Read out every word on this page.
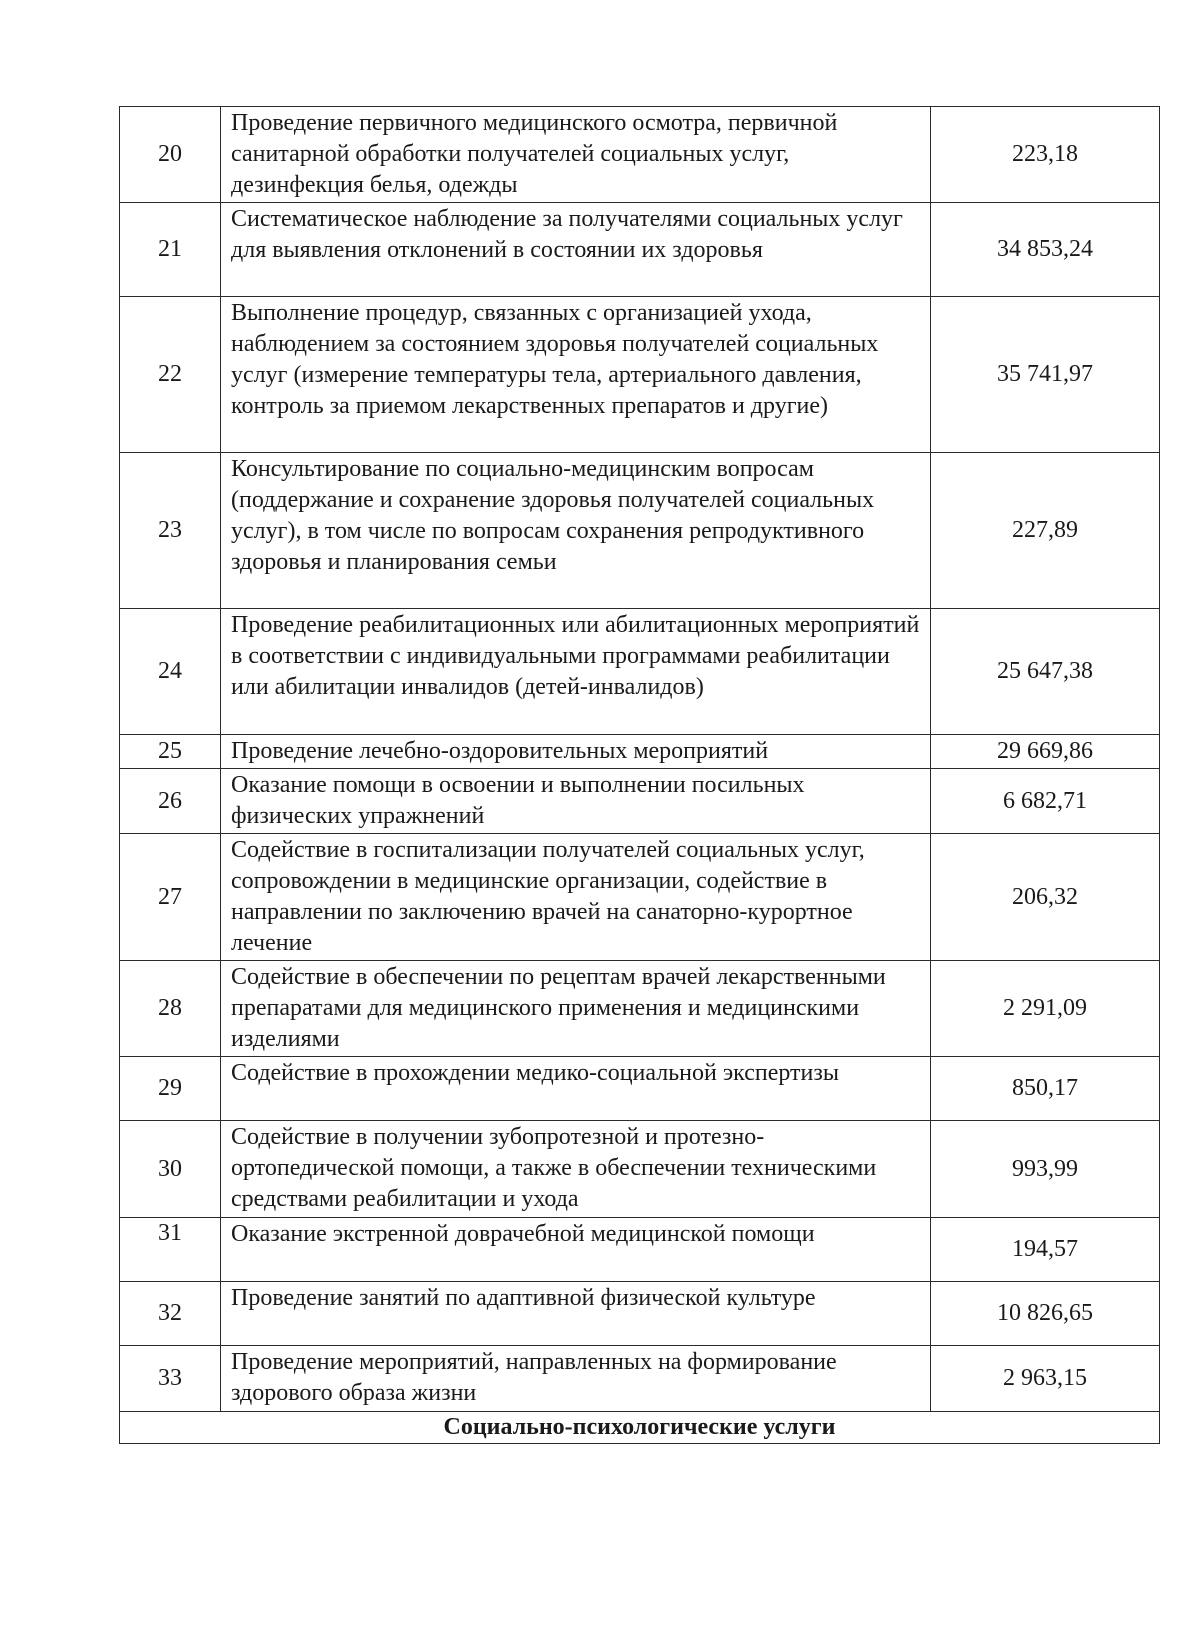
20	Проведение первичного медицинского осмотра, первичной санитарной обработки получателей социальных услуг, дезинфекция белья, одежды	223,18
21	Систематическое наблюдение за получателями социальных услуг для выявления отклонений в состоянии их здоровья	34 853,24
22	Выполнение процедур, связанных с организацией ухода, наблюдением за состоянием здоровья получателей социальных услуг (измерение температуры тела, артериального давления, контроль за приемом лекарственных препаратов и другие)	35 741,97
23	Консультирование по социально-медицинским вопросам (поддержание и сохранение здоровья получателей социальных услуг), в том числе по вопросам сохранения репродуктивного здоровья и планирования семьи	227,89
24	Проведение реабилитационных или абилитационных мероприятий в соответствии с индивидуальными программами реабилитации или абилитации инвалидов (детей-инвалидов)	25 647,38
25	Проведение лечебно-оздоровительных мероприятий	29 669,86
26	Оказание помощи в освоении и выполнении посильных физических упражнений	6 682,71
27	Содействие в госпитализации получателей социальных услуг, сопровождении в медицинские организации, содействие в направлении по заключению врачей на санаторно-курортное лечение	206,32
28	Содействие в обеспечении по рецептам врачей лекарственными препаратами для медицинского применения и медицинскими изделиями	2 291,09
29	Содействие в прохождении медико-социальной экспертизы	850,17
30	Содействие в получении зубопротезной и протезно-ортопедической помощи, а также в обеспечении техническими средствами реабилитации и ухода	993,99
31	Оказание экстренной доврачебной медицинской помощи	194,57
32	Проведение занятий по адаптивной физической культуре	10 826,65
33	Проведение мероприятий, направленных на формирование здорового образа жизни	2 963,15
Социально-психологические услуги		
